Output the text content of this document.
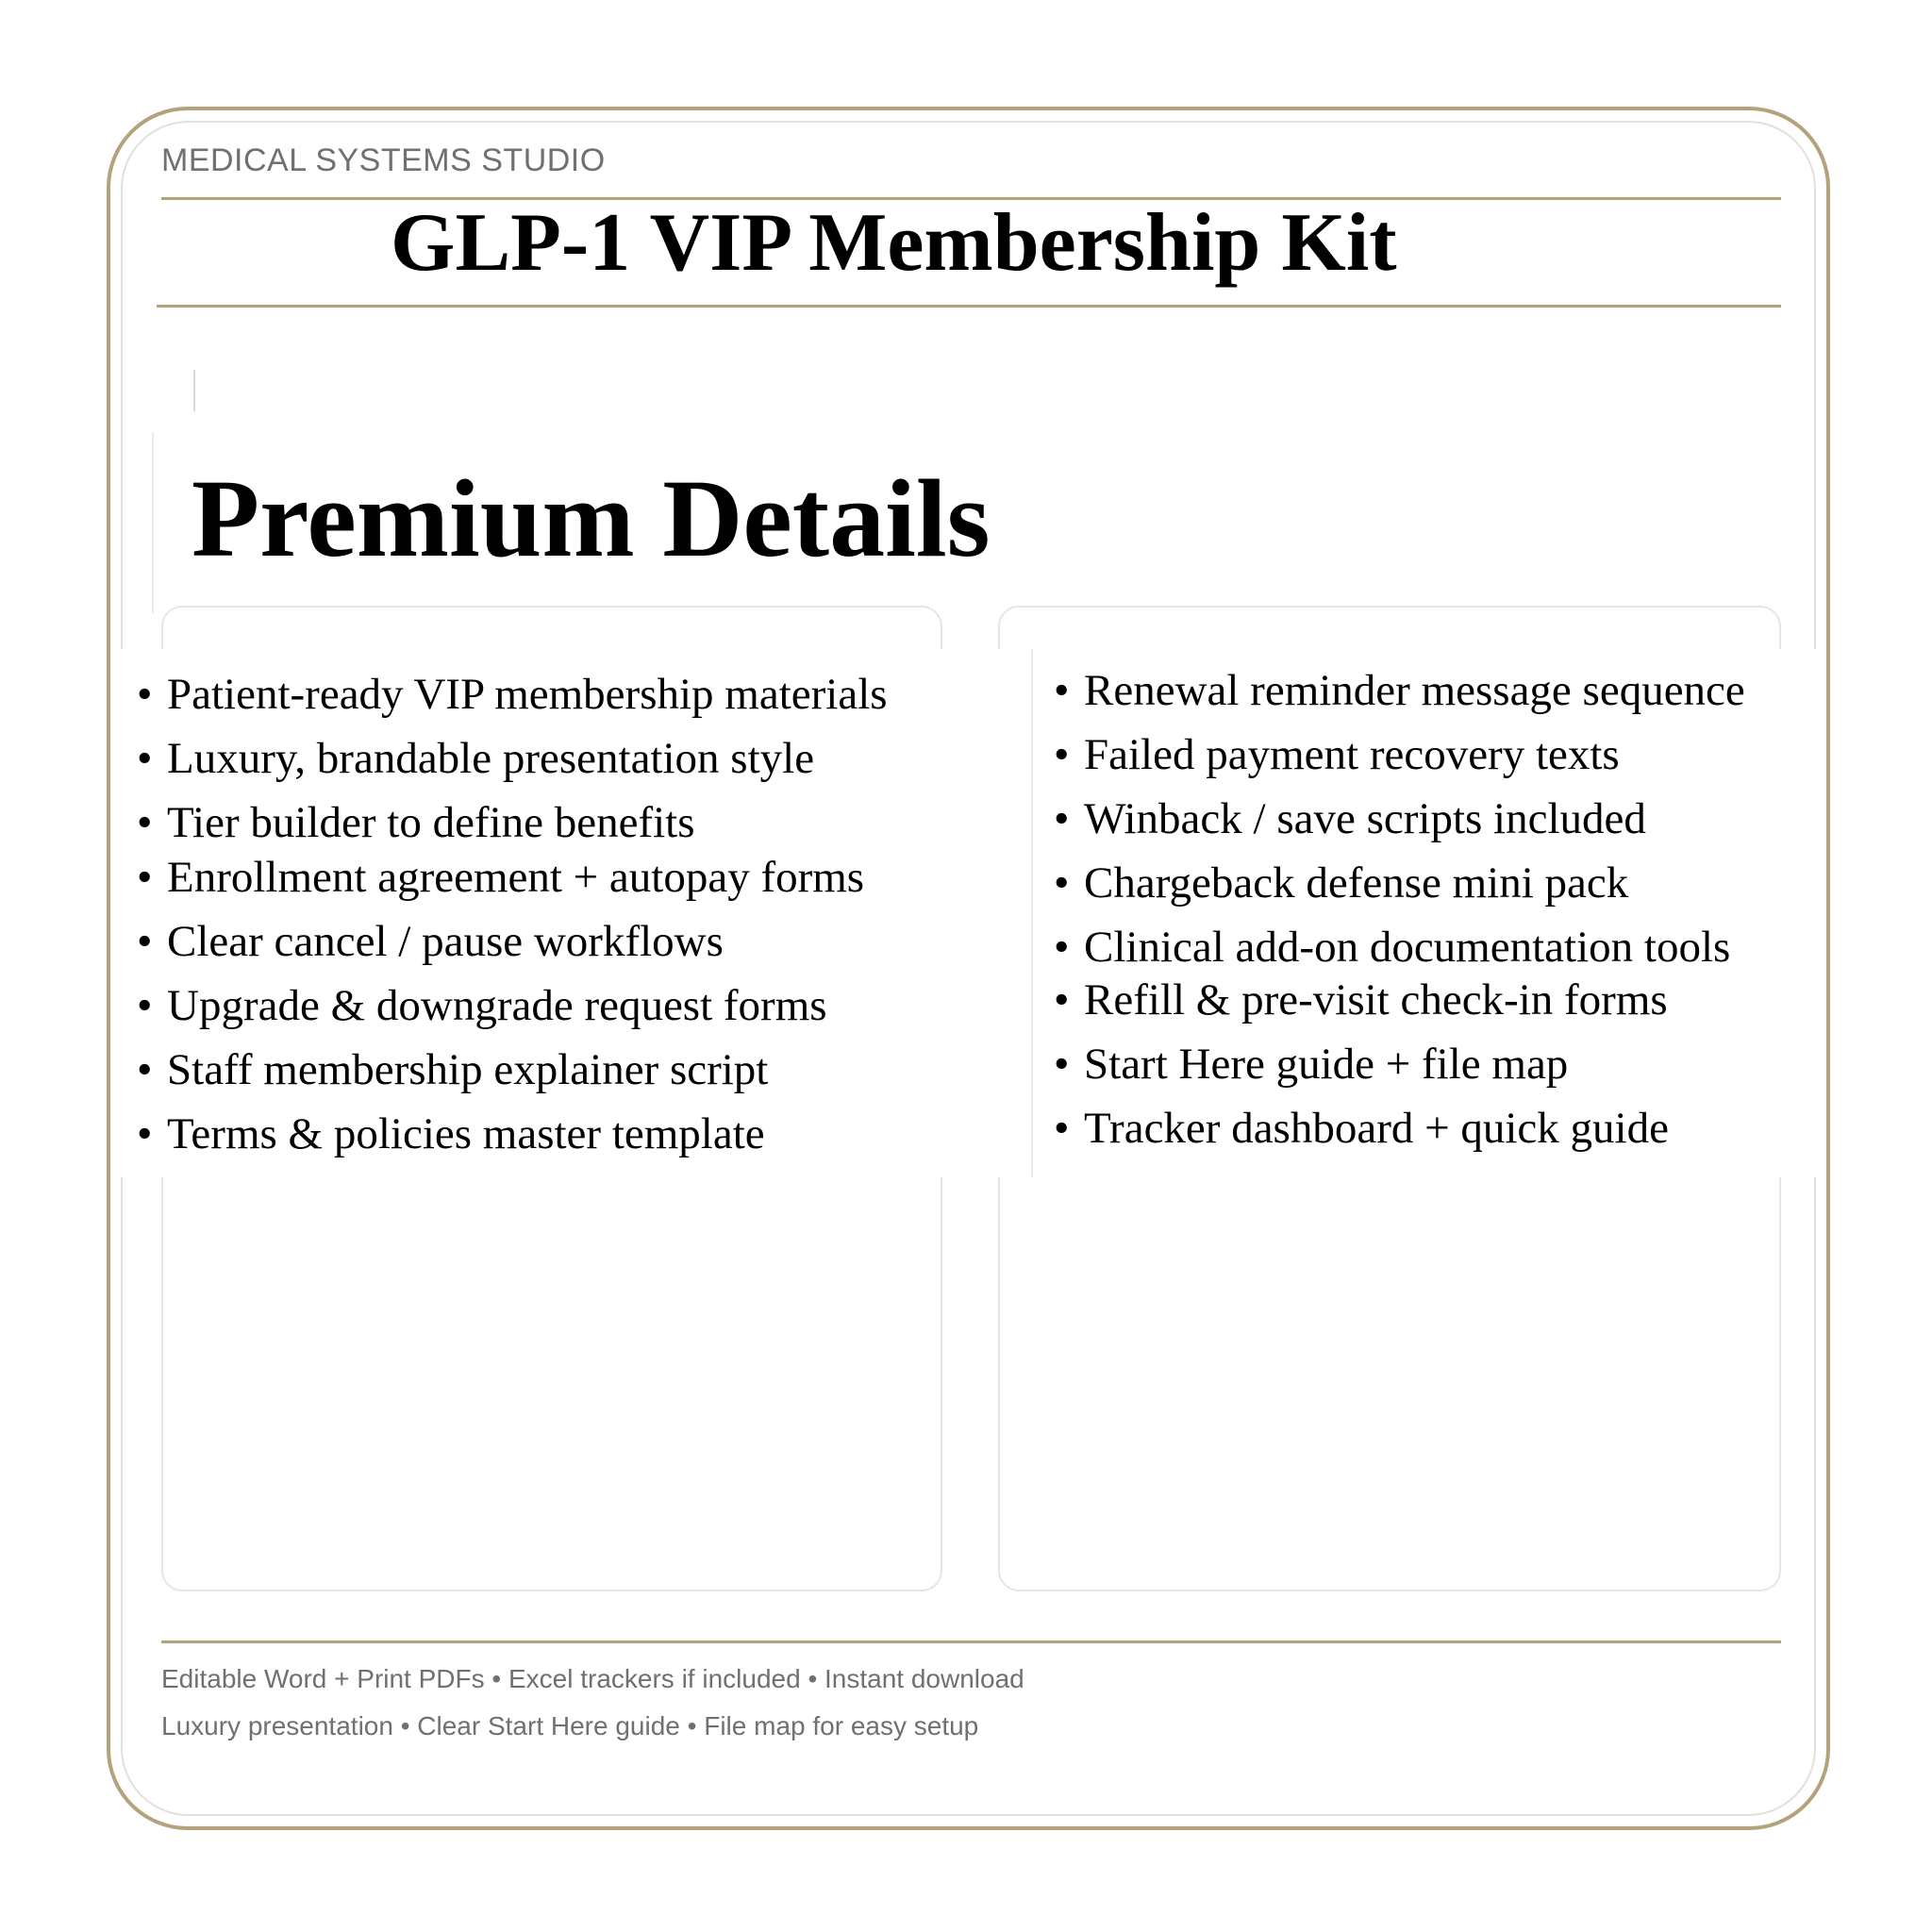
MEDICAL SYSTEMS STUDIO
GLP-1 VIP Membership Kit
Premium Details
• Patient-ready VIP membership materials
• Luxury, brandable presentation style
• Tier builder to define benefits
• Enrollment agreement + autopay forms
• Clear cancel / pause workflows
• Upgrade & downgrade request forms
• Staff membership explainer script
• Terms & policies master template
• Renewal reminder message sequence
• Failed payment recovery texts
• Winback / save scripts included
• Chargeback defense mini pack
• Clinical add-on documentation tools
• Refill & pre-visit check-in forms
• Start Here guide + file map
• Tracker dashboard + quick guide
Editable Word + Print PDFs • Excel trackers if included • Instant download
Luxury presentation • Clear Start Here guide • File map for easy setup
